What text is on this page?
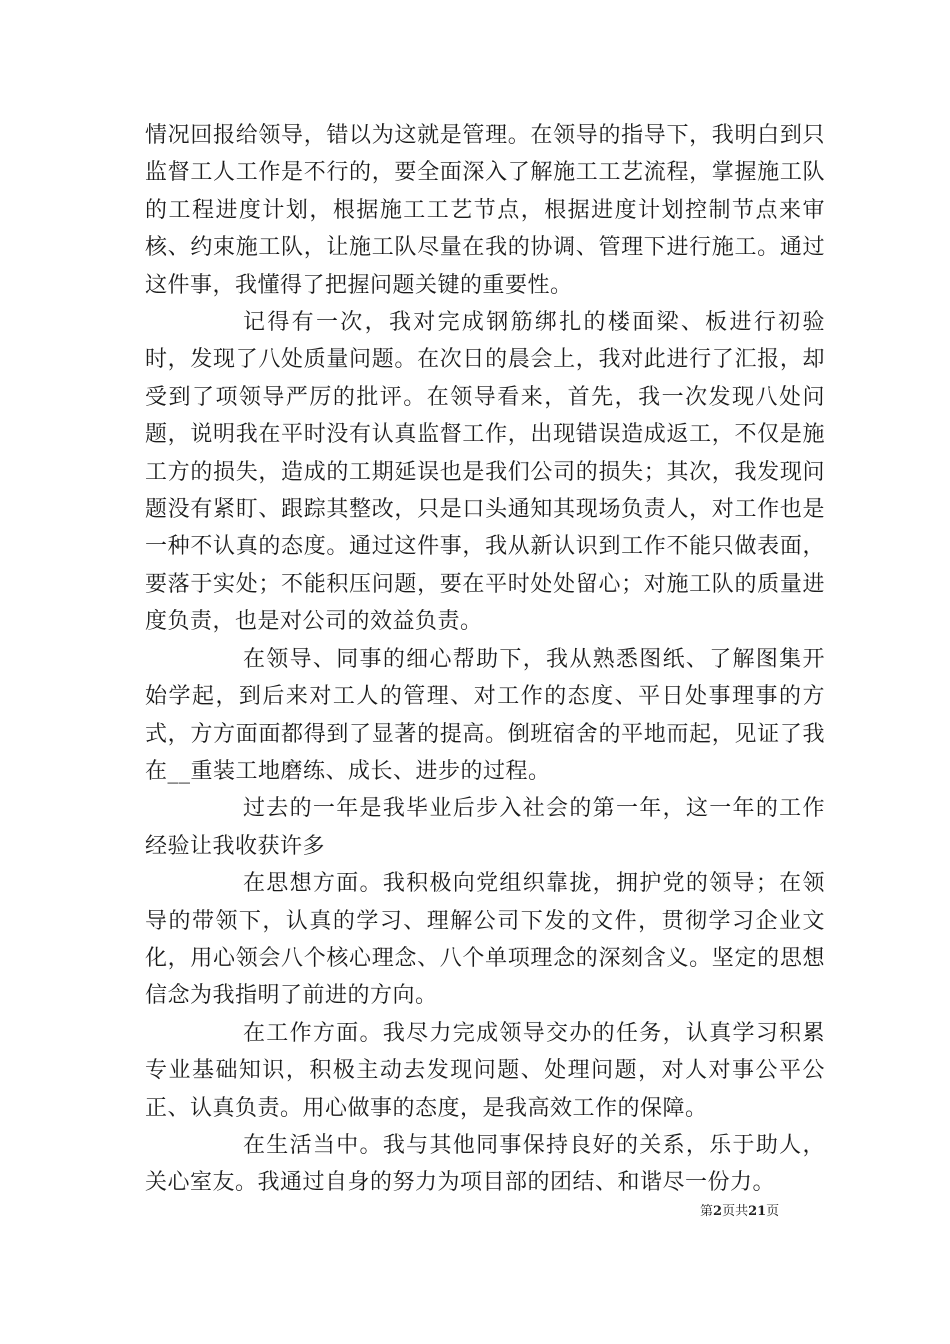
情况回报给领导，错以为这就是管理。在领导的指导下，我明白到只监督工人工作是不行的，要全面深入了解施工工艺流程，掌握施工队的工程进度计划，根据施工工艺节点，根据进度计划控制节点来审核、约束施工队，让施工队尽量在我的协调、管理下进行施工。通过这件事，我懂得了把握问题关键的重要性。

记得有一次，我对完成钢筋绑扎的楼面梁、板进行初验时，发现了八处质量问题。在次日的晨会上，我对此进行了汇报，却受到了项领导严厉的批评。在领导看来，首先，我一次发现八处问题，说明我在平时没有认真监督工作，出现错误造成返工，不仅是施工方的损失，造成的工期延误也是我们公司的损失；其次，我发现问题没有紧盯、跟踪其整改，只是口头通知其现场负责人，对工作也是一种不认真的态度。通过这件事，我从新认识到工作不能只做表面，要落于实处；不能积压问题，要在平时处处留心；对施工队的质量进度负责，也是对公司的效益负责。

在领导、同事的细心帮助下，我从熟悉图纸、了解图集开始学起，到后来对工人的管理、对工作的态度、平日处事理事的方式，方方面面都得到了显著的提高。倒班宿舍的平地而起，见证了我在__重装工地磨练、成长、进步的过程。

过去的一年是我毕业后步入社会的第一年，这一年的工作经验让我收获许多

在思想方面。我积极向党组织靠拢，拥护党的领导；在领导的带领下，认真的学习、理解公司下发的文件，贯彻学习企业文化，用心领会八个核心理念、八个单项理念的深刻含义。坚定的思想信念为我指明了前进的方向。

在工作方面。我尽力完成领导交办的任务，认真学习积累专业基础知识，积极主动去发现问题、处理问题，对人对事公平公正、认真负责。用心做事的态度，是我高效工作的保障。

在生活当中。我与其他同事保持良好的关系，乐于助人，关心室友。我通过自身的努力为项目部的团结、和谐尽一份力。

第2页共21页
